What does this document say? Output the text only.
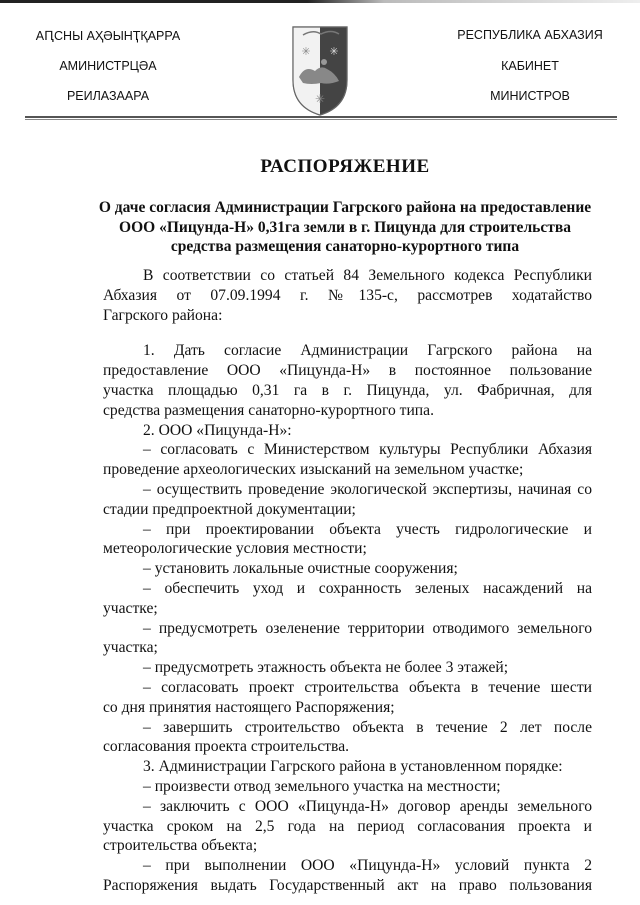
АԤСНЫ АҲӘЫНҬҚАРРА
АМИНИСТРЦӘА
РЕИЛАЗААРА
✳ ✳
✳
РЕСПУБЛИКА АБХАЗИЯ
КАБИНЕТ
МИНИСТРОВ
РАСПОРЯЖЕНИЕ
О даче согласия Администрации Гагрского района на предоставление
ООО «Пицунда-Н» 0,31га земли в г. Пицунда для строительства
средства размещения санаторно-курортного типа
В соответствии со статьей 84 Земельного кодекса Республики
Абхазия от 07.09.1994 г. №135-с, рассмотрев ходатайство
Гагрского района:
1. Дать согласие Администрации Гагрского района на
предоставление ООО «Пицунда-Н» в постоянное пользование
участка площадью 0,31 га в г. Пицунда, ул. Фабричная, для
средства размещения санаторно-курортного типа.
2. ООО «Пицунда-Н»:
– согласовать с Министерством культуры Республики Абхазия
проведение археологических изысканий на земельном участке;
– осуществить проведение экологической экспертизы, начиная со
стадии предпроектной документации;
– при проектировании объекта учесть гидрологические и
метеорологические условия местности;
– установить локальные очистные сооружения;
– обеспечить уход и сохранность зеленых насаждений на
участке;
– предусмотреть озеленение территории отводимого земельного
участка;
– предусмотреть этажность объекта не более 3 этажей;
– согласовать проект строительства объекта в течение шести
со дня принятия настоящего Распоряжения;
– завершить строительство объекта в течение 2 лет после
согласования проекта строительства.
3. Администрации Гагрского района в установленном порядке:
– произвести отвод земельного участка на местности;
– заключить с ООО «Пицунда-Н» договор аренды земельного
участка сроком на 2,5 года на период согласования проекта и
строительства объекта;
– при выполнении ООО «Пицунда-Н» условий пункта 2
Распоряжения выдать Государственный акт на право пользования
